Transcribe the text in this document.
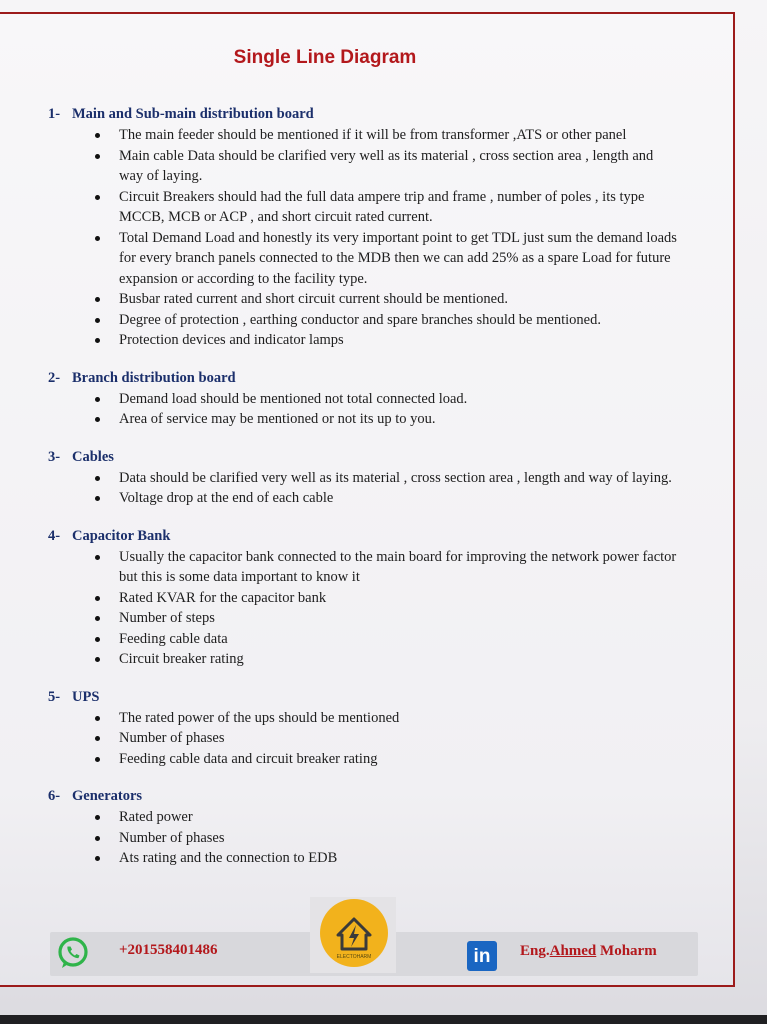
Single Line Diagram
1- Main and Sub-main distribution board
The main feeder should be mentioned if it will be from transformer ,ATS or other panel
Main cable Data should be clarified very well as its material , cross section area , length and way of laying.
Circuit Breakers should had the full data ampere trip and frame , number of poles , its type MCCB, MCB or ACP , and short circuit rated current.
Total Demand Load and honestly its very important point to get TDL just sum the demand loads for every branch panels connected to the MDB then we can add 25% as a spare Load for future expansion or according to the facility type.
Busbar rated current and short circuit current should be mentioned.
Degree of protection , earthing conductor and spare branches should be mentioned.
Protection devices and indicator lamps
2- Branch distribution board
Demand load should be mentioned not total connected load.
Area of service may be mentioned or not its up to you.
3- Cables
Data should be clarified very well as its material , cross section area , length and way of laying.
Voltage drop at the end of each cable
4- Capacitor Bank
Usually the capacitor bank connected to the main board for improving the network power factor but this is some data important to know it
Rated KVAR for the capacitor bank
Number of steps
Feeding cable data
Circuit breaker rating
5- UPS
The rated power of the ups should be mentioned
Number of phases
Feeding cable data and circuit breaker rating
6- Generators
Rated power
Number of phases
Ats rating and the connection to EDB
+201558401486	ELECTOHARM	in	Eng.Ahmed Moharm
